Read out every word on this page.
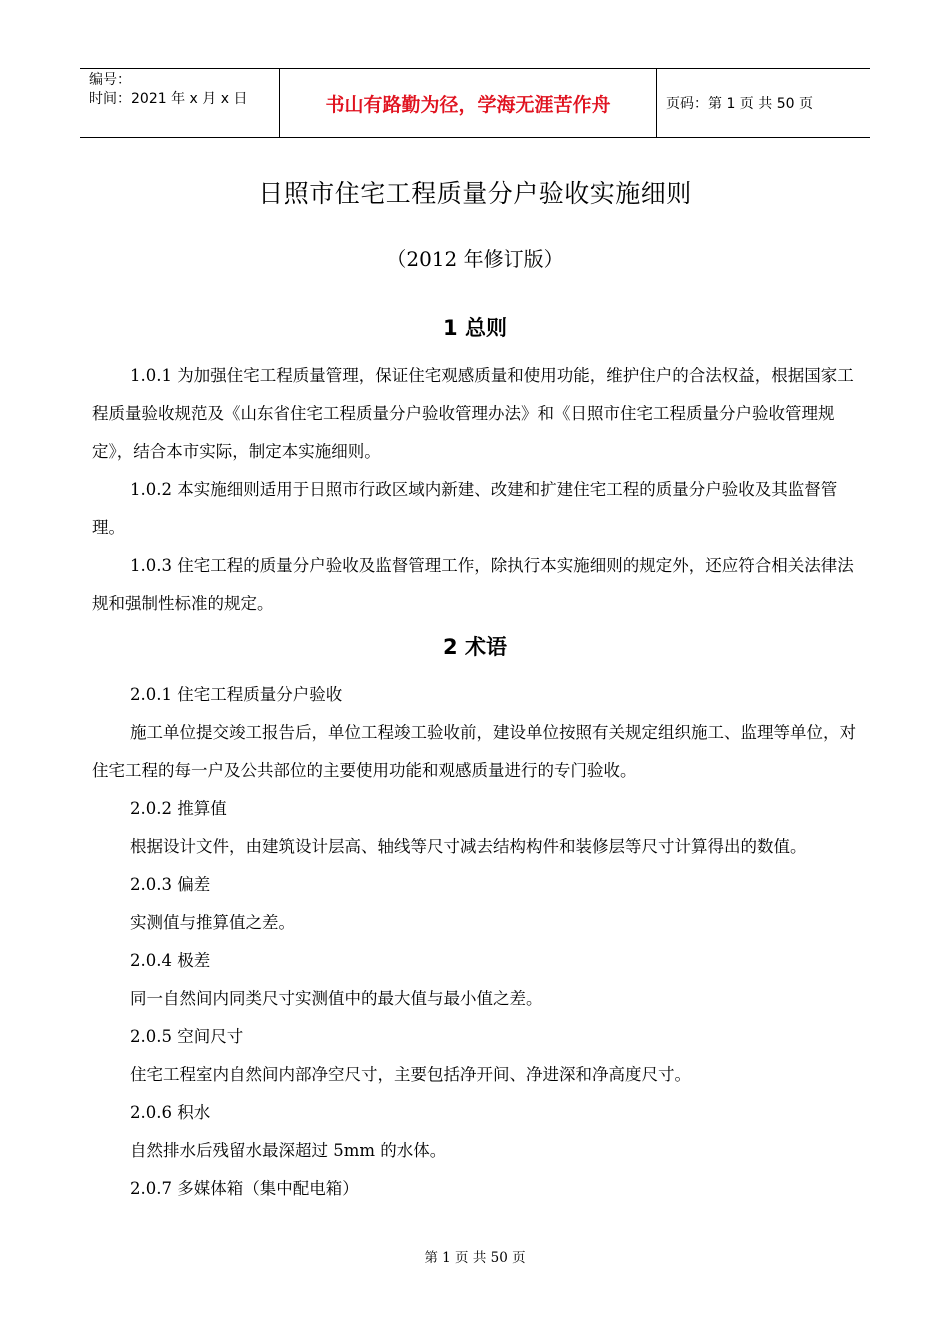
编号：
时间：2021 年 x 月 x 日	书山有路勤为径，学海无涯苦作舟	页码：第 1 页 共 50 页
日照市住宅工程质量分户验收实施细则
（2012 年修订版）
1 总则

1.0.1 为加强住宅工程质量管理，保证住宅观感质量和使用功能，维护住户的合法权益，根据国家工程质量验收规范及《山东省住宅工程质量分户验收管理办法》和《日照市住宅工程质量分户验收管理规定》，结合本市实际，制定本实施细则。

1.0.2 本实施细则适用于日照市行政区域内新建、改建和扩建住宅工程的质量分户验收及其监督管理。

1.0.3 住宅工程的质量分户验收及监督管理工作，除执行本实施细则的规定外，还应符合相关法律法规和强制性标准的规定。

2 术语

2.0.1 住宅工程质量分户验收

施工单位提交竣工报告后，单位工程竣工验收前，建设单位按照有关规定组织施工、监理等单位，对住宅工程的每一户及公共部位的主要使用功能和观感质量进行的专门验收。

2.0.2 推算值

根据设计文件，由建筑设计层高、轴线等尺寸减去结构构件和装修层等尺寸计算得出的数值。

2.0.3 偏差

实测值与推算值之差。

2.0.4 极差

同一自然间内同类尺寸实测值中的最大值与最小值之差。

2.0.5 空间尺寸

住宅工程室内自然间内部净空尺寸，主要包括净开间、净进深和净高度尺寸。

2.0.6 积水

自然排水后残留水最深超过 5mm 的水体。

2.0.7 多媒体箱（集中配电箱）

第 1 页 共 50 页
